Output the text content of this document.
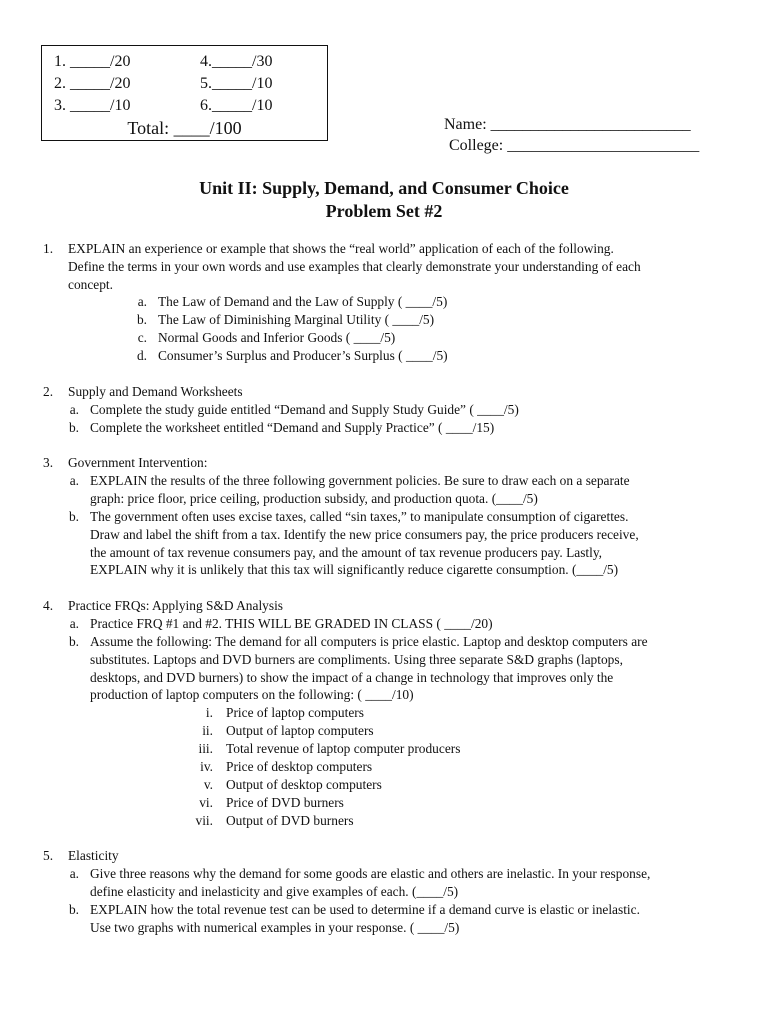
1. _____/20	4._____/30
2. _____/20	5._____/10
3. _____/10	6._____/10
Total: ____/100	Name: _________________________
College: ________________________
Unit II: Supply, Demand, and Consumer Choice
Problem Set #2
1. EXPLAIN an experience or example that shows the “real world” application of each of the following.
Define the terms in your own words and use examples that clearly demonstrate your understanding of each
concept.
a. The Law of Demand and the Law of Supply ( ____/5)
b. The Law of Diminishing Marginal Utility ( ____/5)
c. Normal Goods and Inferior Goods ( ____/5)
d. Consumer’s Surplus and Producer’s Surplus ( ____/5)
2. Supply and Demand Worksheets
a. Complete the study guide entitled “Demand and Supply Study Guide” ( ____/5)
b. Complete the worksheet entitled “Demand and Supply Practice” ( ____/15)
3. Government Intervention:
a. EXPLAIN the results of the three following government policies. Be sure to draw each on a separate
graph: price floor, price ceiling, production subsidy, and production quota. (____/5)
b. The government often uses excise taxes, called “sin taxes,” to manipulate consumption of cigarettes.
Draw and label the shift from a tax. Identify the new price consumers pay, the price producers receive,
the amount of tax revenue consumers pay, and the amount of tax revenue producers pay. Lastly,
EXPLAIN why it is unlikely that this tax will significantly reduce cigarette consumption. (____/5)
4. Practice FRQs: Applying S&D Analysis
a. Practice FRQ #1 and #2. THIS WILL BE GRADED IN CLASS ( ____/20)
b. Assume the following: The demand for all computers is price elastic. Laptop and desktop computers are
substitutes. Laptops and DVD burners are compliments. Using three separate S&D graphs (laptops,
desktops, and DVD burners) to show the impact of a change in technology that improves only the
production of laptop computers on the following: ( ____/10)
i. Price of laptop computers
ii. Output of laptop computers
iii. Total revenue of laptop computer producers
iv. Price of desktop computers
v. Output of desktop computers
vi. Price of DVD burners
vii. Output of DVD burners
5. Elasticity
a. Give three reasons why the demand for some goods are elastic and others are inelastic. In your response,
define elasticity and inelasticity and give examples of each. (____/5)
b. EXPLAIN how the total revenue test can be used to determine if a demand curve is elastic or inelastic.
Use two graphs with numerical examples in your response. ( ____/5)
